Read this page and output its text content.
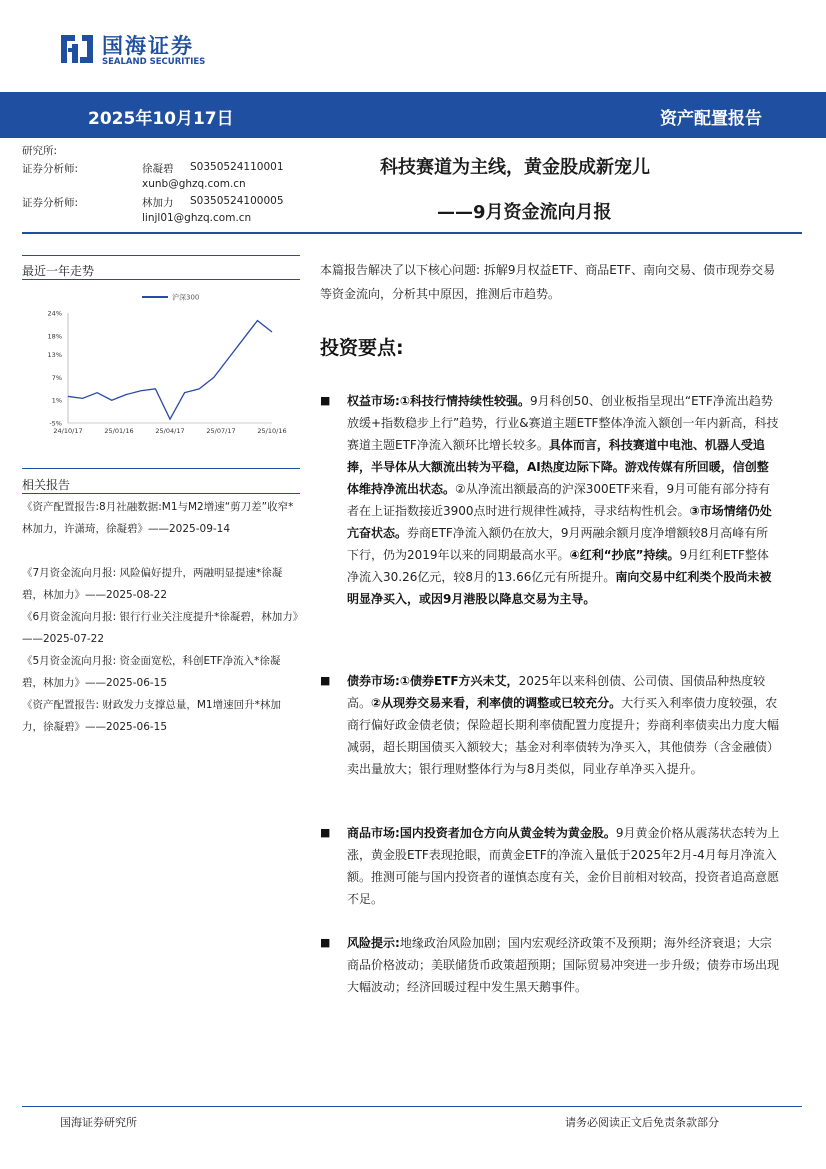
国海证券
SEALAND SECURITIES
2025年10月17日	资产配置报告
研究所:
证券分析师:	徐凝碧 S0350524110001
xunb@ghzq.com.cn
证券分析师:	林加力 S0350524100005
linjl01@ghzq.com.cn
科技赛道为主线，黄金股成新宠儿
——9月资金流向月报
最近一年走势
24%
18%
13%
7%
1%
-5%
24/10/17	25/01/16	25/04/17	25/07/17	25/10/16
沪深300
相关报告
《资产配置报告:8月社融数据:M1与M2增速“剪刀差”收窄*林加力，许潇琦，徐凝碧》——2025-09-14
《7月资金流向月报: 风险偏好提升，两融明显提速*徐凝碧，林加力》——2025-08-22
《6月资金流向月报: 银行行业关注度提升*徐凝碧，林加力》——2025-07-22
《5月资金流向月报: 资金面宽松，科创ETF净流入*徐凝碧，林加力》——2025-06-15
《资产配置报告: 财政发力支撑总量，M1增速回升*林加力，徐凝碧》——2025-06-15
本篇报告解决了以下核心问题: 拆解9月权益ETF、商品ETF、南向交易、债市现券交易等资金流向，分析其中原因，推测后市趋势。
投资要点:
■ 权益市场:①科技行情持续性较强。9月科创50、创业板指呈现出“ETF净流出趋势放缓+指数稳步上行”趋势，行业&赛道主题ETF整体净流入额创一年内新高，科技赛道主题ETF净流入额环比增长较多。具体而言，科技赛道中电池、机器人受追捧，半导体从大额流出转为平稳，AI热度边际下降。游戏传媒有所回暖，信创整体维持净流出状态。②从净流出额最高的沪深300ETF来看，9月可能有部分持有者在上证指数接近3900点时进行规律性减持，寻求结构性机会。③市场情绪仍处亢奋状态。券商ETF净流入额仍在放大，9月两融余额月度净增额较8月高峰有所下行，仍为2019年以来的同期最高水平。④红利“抄底”持续。9月红利ETF整体净流入30.26亿元，较8月的13.66亿元有所提升。南向交易中红利类个股尚未被明显净买入，或因9月港股以降息交易为主导。
■ 债券市场:①债券ETF方兴未艾，2025年以来科创债、公司债、国债品种热度较高。②从现券交易来看，利率债的调整或已较充分。大行买入利率债力度较强，农商行偏好政金债老债；保险超长期利率债配置力度提升；券商利率债卖出力度大幅减弱，超长期国债买入额较大；基金对利率债转为净买入，其他债券（含金融债）卖出量放大；银行理财整体行为与8月类似，同业存单净买入提升。
■ 商品市场:国内投资者加仓方向从黄金转为黄金股。9月黄金价格从震荡状态转为上涨，黄金股ETF表现抢眼，而黄金ETF的净流入量低于2025年2月-4月每月净流入额。推测可能与国内投资者的谨慎态度有关，金价目前相对较高，投资者追高意愿不足。
■ 风险提示:地缘政治风险加剧；国内宏观经济政策不及预期；海外经济衰退；大宗商品价格波动；美联储货币政策超预期；国际贸易冲突进一步升级；债券市场出现大幅波动；经济回暖过程中发生黑天鹅事件。
国海证券研究所	请务必阅读正文后免责条款部分
